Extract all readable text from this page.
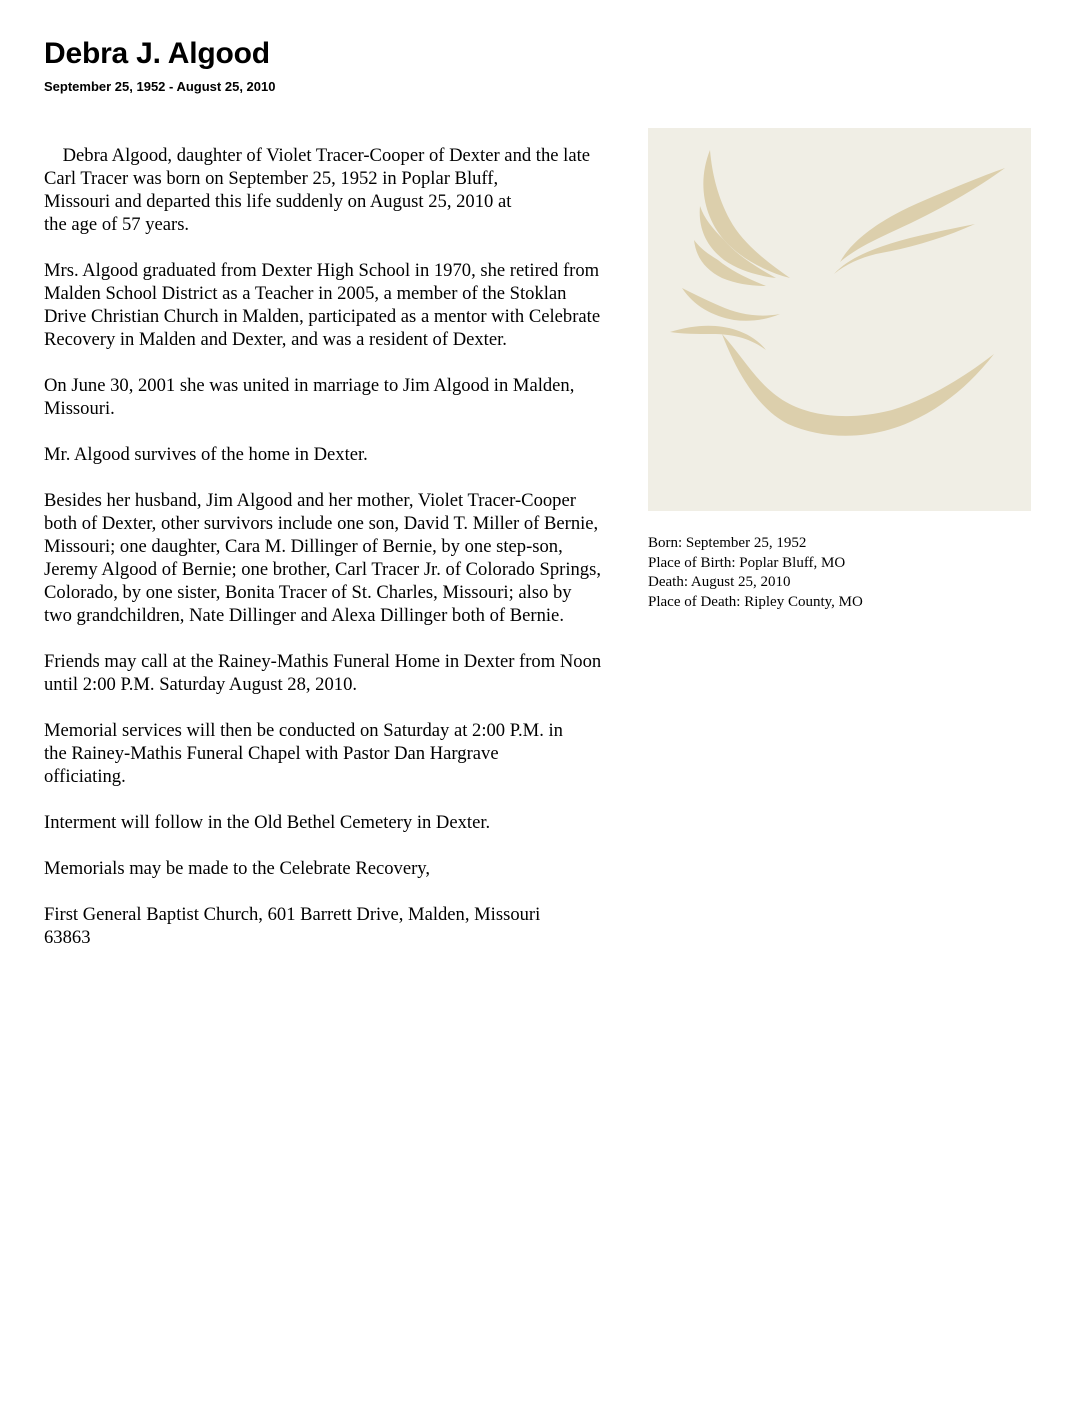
Debra J. Algood
September 25, 1952 - August 25, 2010

Debra Algood, daughter of Violet Tracer-Cooper of Dexter and the late
Carl Tracer was born on September 25, 1952 in Poplar Bluff,
Missouri and departed this life suddenly on August 25, 2010 at
the age of 57 years.

Mrs. Algood graduated from Dexter High School in 1970, she retired from Malden School District as a Teacher in 2005, a member of the Stoklan Drive Christian Church in Malden, participated as a mentor with Celebrate Recovery in Malden and Dexter, and was a resident of Dexter.

On June 30, 2001 she was united in marriage to Jim Algood in Malden, Missouri.

Mr. Algood survives of the home in Dexter.

Besides her husband, Jim Algood and her mother, Violet Tracer-Cooper both of Dexter, other survivors include one son, David T. Miller of Bernie, Missouri; one daughter, Cara M. Dillinger of Bernie, by one step-son, Jeremy Algood of Bernie; one brother, Carl Tracer Jr. of Colorado Springs, Colorado, by one sister, Bonita Tracer of St. Charles, Missouri; also by two grandchildren, Nate Dillinger and Alexa Dillinger both of Bernie.

Friends may call at the Rainey-Mathis Funeral Home in Dexter from Noon until 2:00 P.M. Saturday August 28, 2010.

Memorial services will then be conducted on Saturday at 2:00 P.M. in the Rainey-Mathis Funeral Chapel with Pastor Dan Hargrave officiating.

Interment will follow in the Old Bethel Cemetery in Dexter.

Memorials may be made to the Celebrate Recovery,

First General Baptist Church, 601 Barrett Drive, Malden, Missouri 63863

Born: September 25, 1952
Place of Birth: Poplar Bluff, MO
Death: August 25, 2010
Place of Death: Ripley County, MO
